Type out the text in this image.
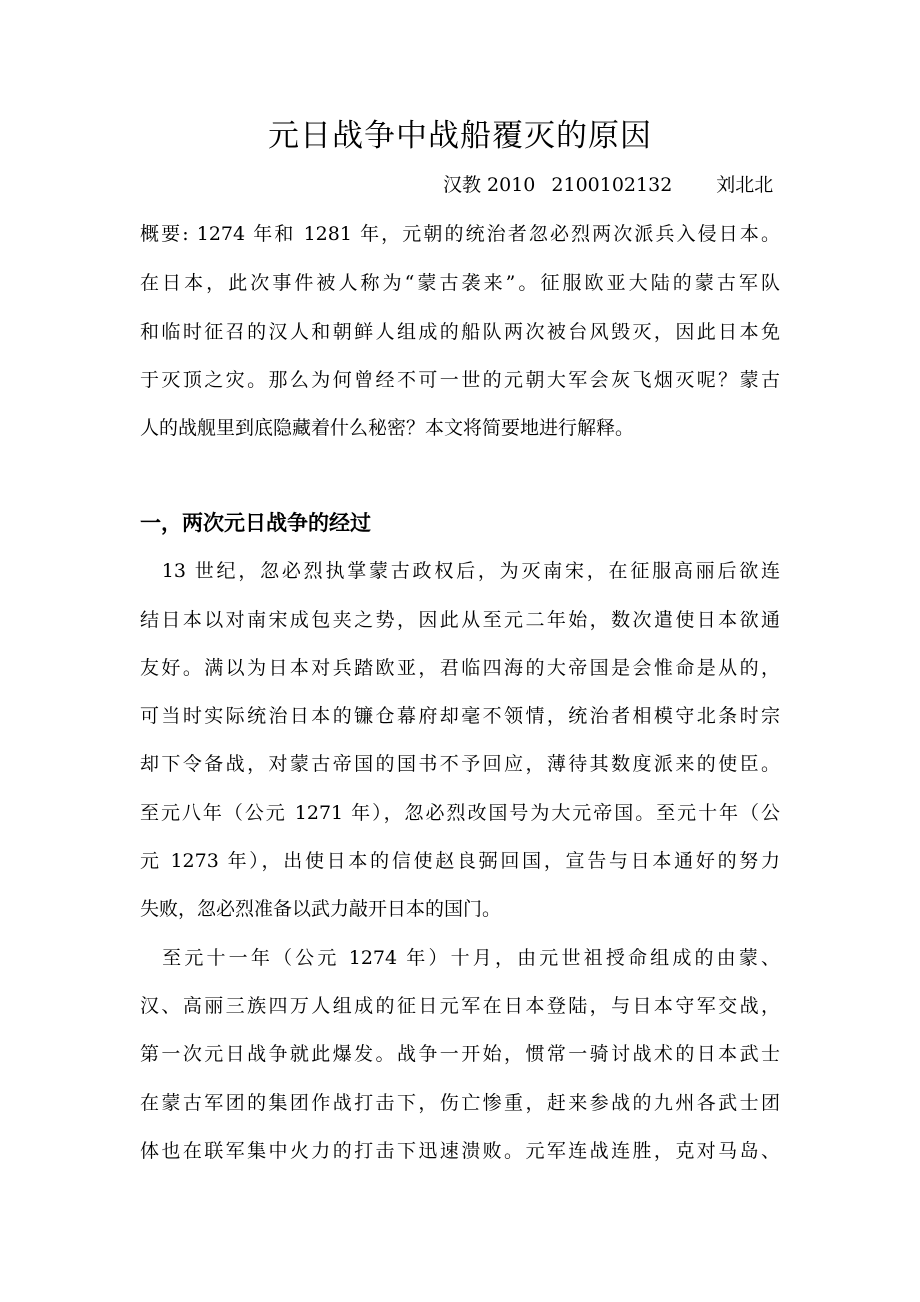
元日战争中战船覆灭的原因

汉教 2010 2100102132 刘北北

概要: 1274 年和 1281 年，元朝的统治者忽必烈两次派兵入侵日本。

在日本，此次事件被人称为“蒙古袭来”。征服欧亚大陆的蒙古军队

和临时征召的汉人和朝鲜人组成的船队两次被台风毁灭，因此日本免

于灭顶之灾。那么为何曾经不可一世的元朝大军会灰飞烟灭呢？蒙古

人的战舰里到底隐藏着什么秘密？本文将简要地进行解释。

一，两次元日战争的经过

　13 世纪，忽必烈执掌蒙古政权后，为灭南宋，在征服高丽后欲连

结日本以对南宋成包夹之势，因此从至元二年始，数次遣使日本欲通

友好。满以为日本对兵踏欧亚，君临四海的大帝国是会惟命是从的，

可当时实际统治日本的镰仓幕府却毫不领情，统治者相模守北条时宗

却下令备战，对蒙古帝国的国书不予回应，薄待其数度派来的使臣。

至元八年（公元 1271 年），忽必烈改国号为大元帝国。至元十年（公

元 1273 年），出使日本的信使赵良弼回国，宣告与日本通好的努力

失败，忽必烈准备以武力敲开日本的国门。

　至元十一年（公元 1274 年）十月，由元世祖授命组成的由蒙、

汉、高丽三族四万人组成的征日元军在日本登陆，与日本守军交战，

第一次元日战争就此爆发。战争一开始，惯常一骑讨战术的日本武士

在蒙古军团的集团作战打击下，伤亡惨重，赶来参战的九州各武士团

体也在联军集中火力的打击下迅速溃败。元军连战连胜，克对马岛、
